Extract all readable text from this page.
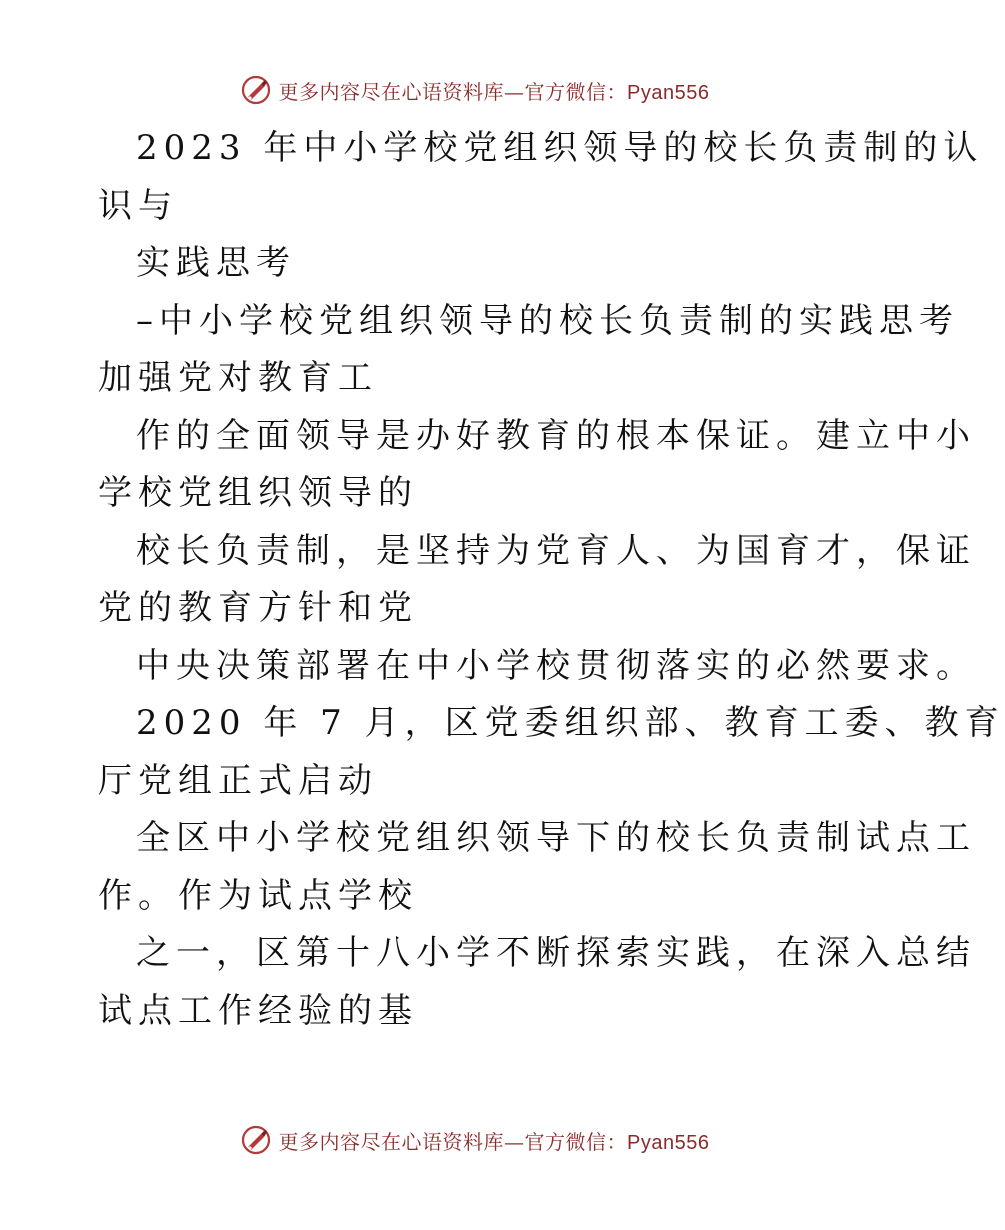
更多内容尽在心语资料库—官方微信：Pyan556
2023 年中小学校党组织领导的校长负责制的认
识与
实践思考
–中小学校党组织领导的校长负责制的实践思考
加强党对教育工
作的全面领导是办好教育的根本保证。建立中小
学校党组织领导的
校长负责制，是坚持为党育人、为国育才，保证
党的教育方针和党
中央决策部署在中小学校贯彻落实的必然要求。
2020 年 7 月，区党委组织部、教育工委、教育
厅党组正式启动
全区中小学校党组织领导下的校长负责制试点工
作。作为试点学校
之一，区第十八小学不断探索实践，在深入总结
试点工作经验的基
更多内容尽在心语资料库—官方微信：Pyan556
